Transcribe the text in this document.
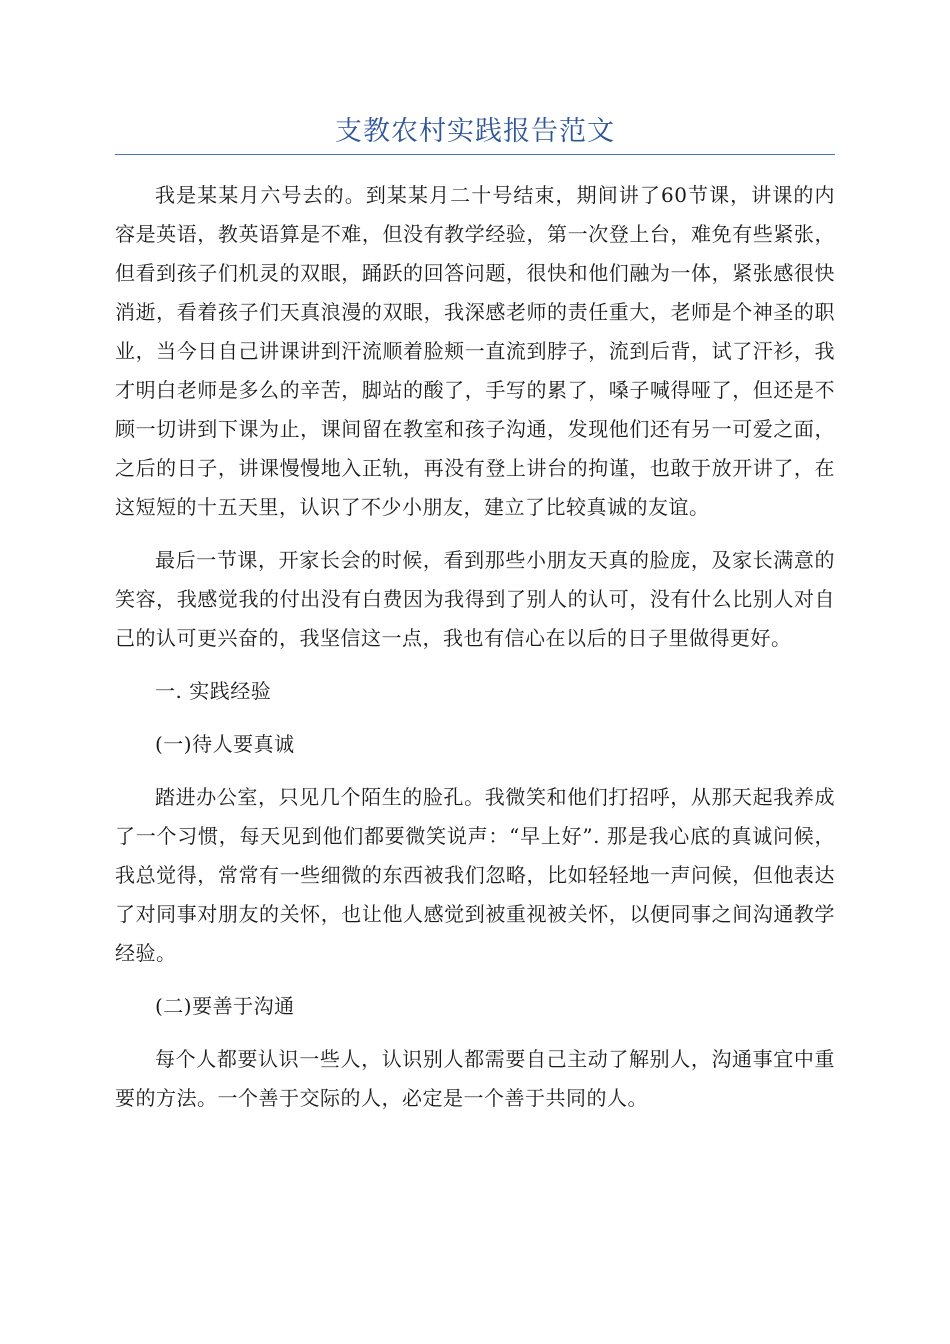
支教农村实践报告范文

我是某某月六号去的。到某某月二十号结束，期间讲了60节课，讲课的内容是英语，教英语算是不难，但没有教学经验，第一次登上台，难免有些紧张，但看到孩子们机灵的双眼，踊跃的回答问题，很快和他们融为一体，紧张感很快消逝，看着孩子们天真浪漫的双眼，我深感老师的责任重大，老师是个神圣的职业，当今日自己讲课讲到汗流顺着脸颊一直流到脖子，流到后背，试了汗衫，我才明白老师是多么的辛苦，脚站的酸了，手写的累了，嗓子喊得哑了，但还是不顾一切讲到下课为止，课间留在教室和孩子沟通，发现他们还有另一可爱之面，之后的日子，讲课慢慢地入正轨，再没有登上讲台的拘谨，也敢于放开讲了，在这短短的十五天里，认识了不少小朋友，建立了比较真诚的友谊。

最后一节课，开家长会的时候，看到那些小朋友天真的脸庞，及家长满意的笑容，我感觉我的付出没有白费因为我得到了别人的认可，没有什么比别人对自己的认可更兴奋的，我坚信这一点，我也有信心在以后的日子里做得更好。

一. 实践经验

(一)待人要真诚

踏进办公室，只见几个陌生的脸孔。我微笑和他们打招呼，从那天起我养成了一个习惯，每天见到他们都要微笑说声：“早上好”. 那是我心底的真诚问候，我总觉得，常常有一些细微的东西被我们忽略，比如轻轻地一声问候，但他表达了对同事对朋友的关怀，也让他人感觉到被重视被关怀，以便同事之间沟通教学经验。

(二)要善于沟通

每个人都要认识一些人，认识别人都需要自己主动了解别人，沟通事宜中重要的方法。一个善于交际的人，必定是一个善于共同的人。
